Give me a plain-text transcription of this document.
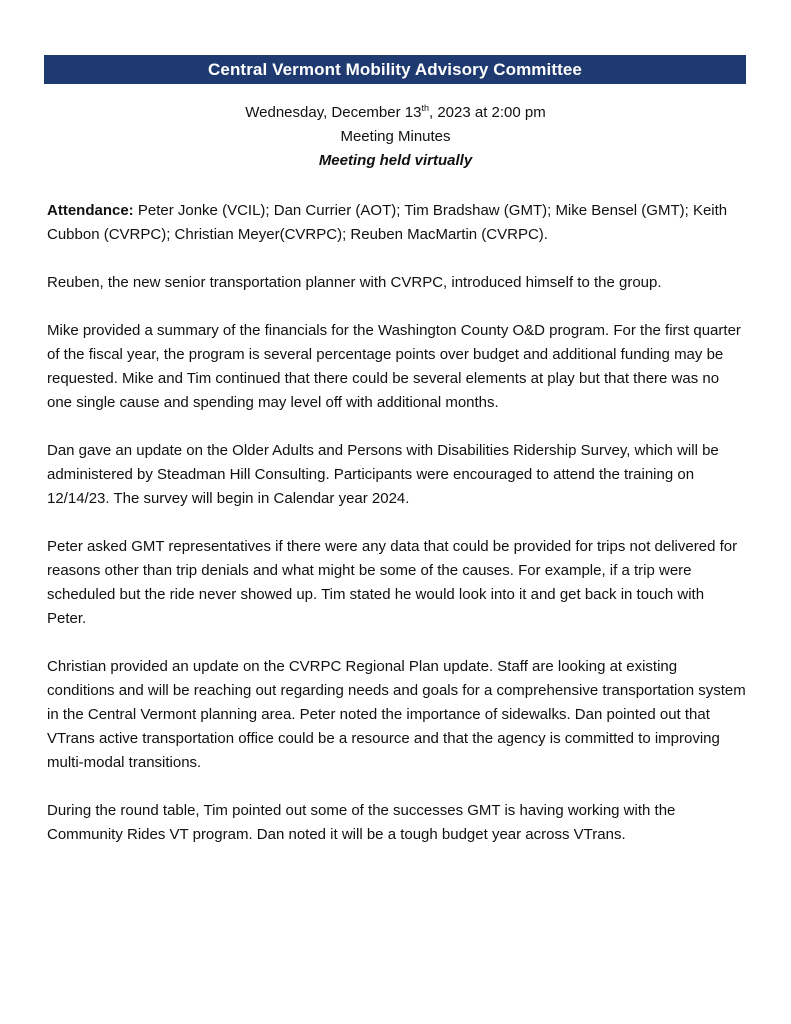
Central Vermont Mobility Advisory Committee
Wednesday, December 13th, 2023 at 2:00 pm
Meeting Minutes
Meeting held virtually

Attendance: Peter Jonke (VCIL); Dan Currier (AOT); Tim Bradshaw (GMT); Mike Bensel (GMT); Keith Cubbon (CVRPC); Christian Meyer(CVRPC); Reuben MacMartin (CVRPC).

Reuben, the new senior transportation planner with CVRPC, introduced himself to the group.

Mike provided a summary of the financials for the Washington County O&D program. For the first quarter of the fiscal year, the program is several percentage points over budget and additional funding may be requested. Mike and Tim continued that there could be several elements at play but that there was no one single cause and spending may level off with additional months.

Dan gave an update on the Older Adults and Persons with Disabilities Ridership Survey, which will be administered by Steadman Hill Consulting. Participants were encouraged to attend the training on 12/14/23. The survey will begin in Calendar year 2024.

Peter asked GMT representatives if there were any data that could be provided for trips not delivered for reasons other than trip denials and what might be some of the causes. For example, if a trip were scheduled but the ride never showed up. Tim stated he would look into it and get back in touch with Peter.

Christian provided an update on the CVRPC Regional Plan update. Staff are looking at existing conditions and will be reaching out regarding needs and goals for a comprehensive transportation system in the Central Vermont planning area. Peter noted the importance of sidewalks. Dan pointed out that VTrans active transportation office could be a resource and that the agency is committed to improving multi-modal transitions.

During the round table, Tim pointed out some of the successes GMT is having working with the Community Rides VT program. Dan noted it will be a tough budget year across VTrans.
